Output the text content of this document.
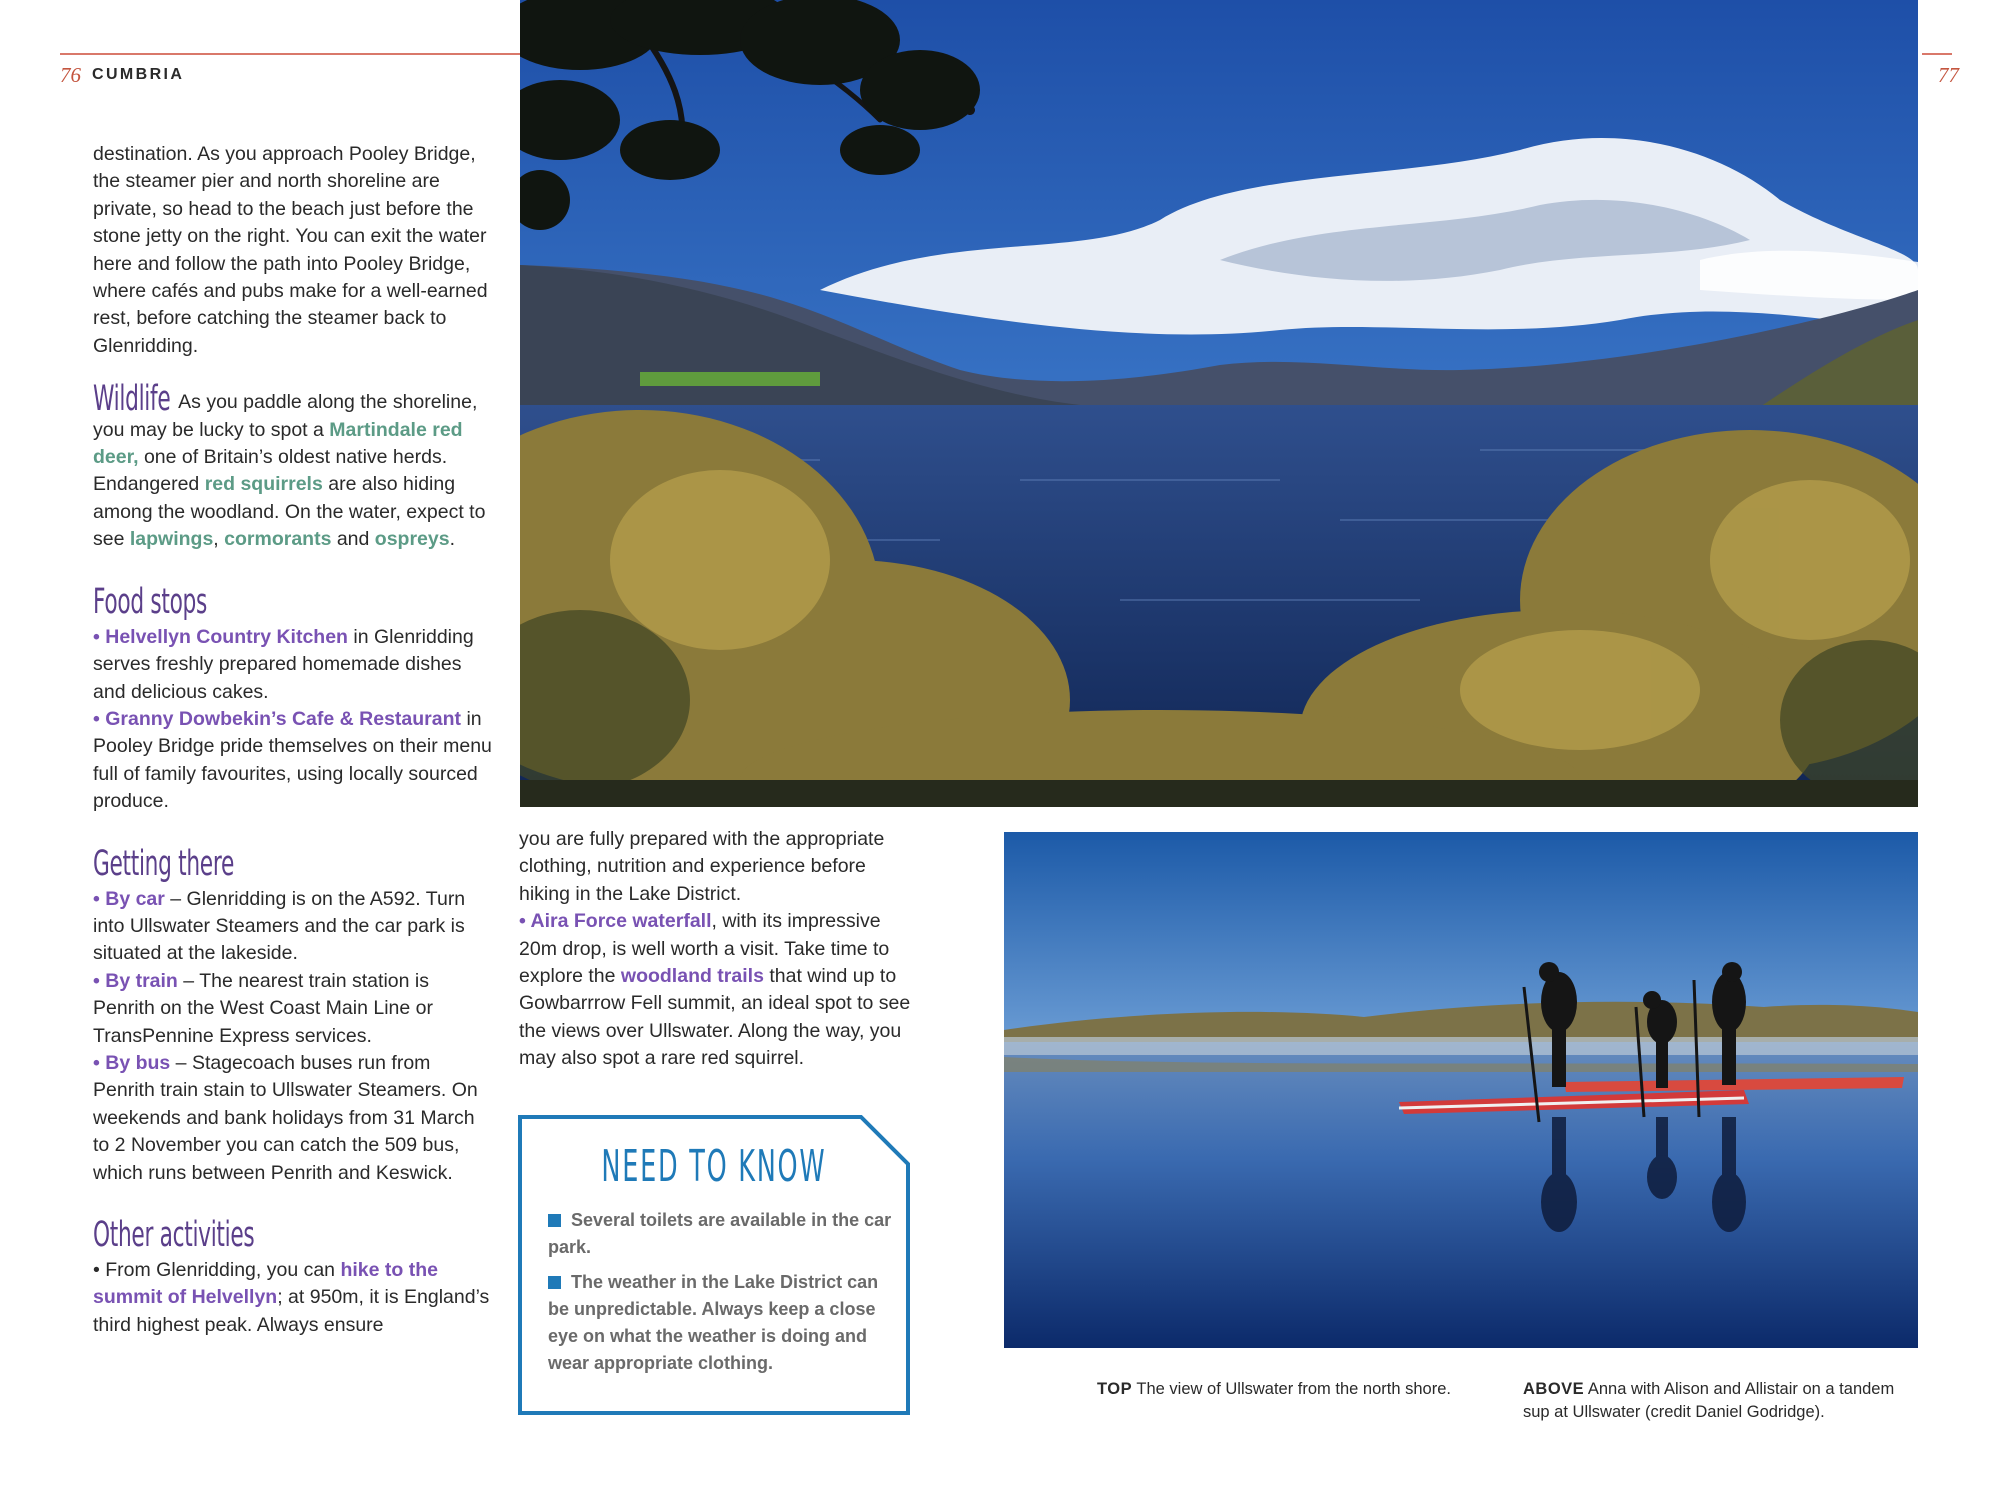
76 CUMBRIA	77

destination. As you approach Pooley Bridge, the steamer pier and north shoreline are private, so head to the beach just before the stone jetty on the right. You can exit the water here and follow the path into Pooley Bridge, where cafés and pubs make for a well-earned rest, before catching the steamer back to Glenridding.

Wildlife As you paddle along the shoreline, you may be lucky to spot a Martindale red deer, one of Britain’s oldest native herds. Endangered red squirrels are also hiding among the woodland. On the water, expect to see lapwings, cormorants and ospreys.

Food stops

• Helvellyn Country Kitchen in Glenridding serves freshly prepared homemade dishes and delicious cakes.

• Granny Dowbekin’s Cafe & Restaurant in Pooley Bridge pride themselves on their menu full of family favourites, using locally sourced produce.

Getting there

• By car – Glenridding is on the A592. Turn into Ullswater Steamers and the car park is situated at the lakeside.

• By train – The nearest train station is Penrith on the West Coast Main Line or TransPennine Express services.

• By bus – Stagecoach buses run from Penrith train stain to Ullswater Steamers. On weekends and bank holidays from 31 March to 2 November you can catch the 509 bus, which runs between Penrith and Keswick.

Other activities

• From Glenridding, you can hike to the summit of Helvellyn; at 950m, it is England’s third highest peak. Always ensure

you are fully prepared with the appropriate clothing, nutrition and experience before hiking in the Lake District.

• Aira Force waterfall, with its impressive 20m drop, is well worth a visit. Take time to explore the woodland trails that wind up to Gowbarrrow Fell summit, an ideal spot to see the views over Ullswater. Along the way, you may also spot a rare red squirrel.

NEED TO KNOW
Several toilets are available in the car park.
The weather in the Lake District can be unpredictable. Always keep a close eye on what the weather is doing and wear appropriate clothing.
TOP The view of Ullswater from the north shore.	ABOVE Anna with Alison and Allistair on a tandem sup at Ullswater (credit Daniel Godridge).
